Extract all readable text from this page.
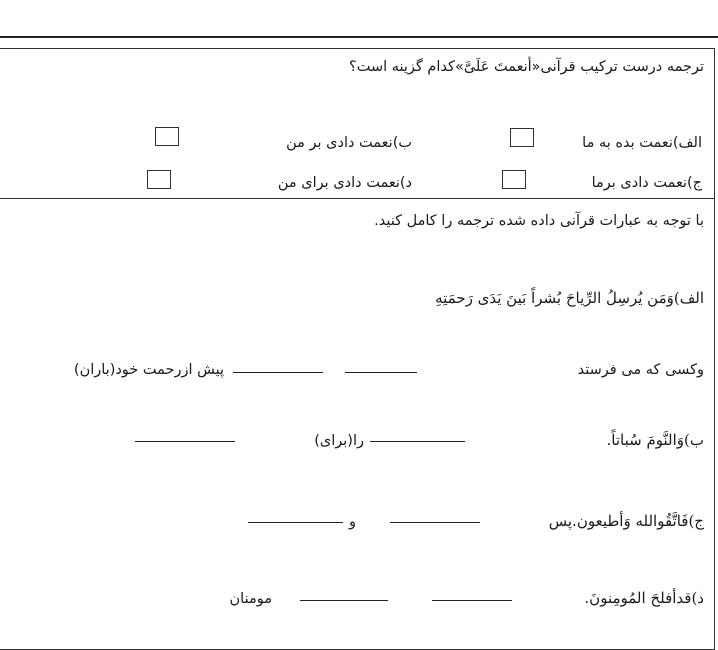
ترجمه درست ترکیب قرآنی«أنعمتَ عَلَیَّ»کدام گزینه است؟
الف)نعمت بده به ما
ب)نعمت دادی بر من
ج)نعمت دادی برما
د)نعمت دادی برای من
با توجه به عبارات قرآنی داده شده ترجمه را کامل کنید.
الف)وَمَن يُرسِلُ الرِّياحَ بُشراً بَينَ يَدَى رَحمَتِهِ
وکسی که می فرستد
پیش ازرحمت خود(باران)
ب)وَالنَّومَ سُباتاً.
را(برای)
ج)فَاتَّقُوالله وَأطيعون.پس
و
د)قدأفلحَ المُومِنونَ.
مومنان
